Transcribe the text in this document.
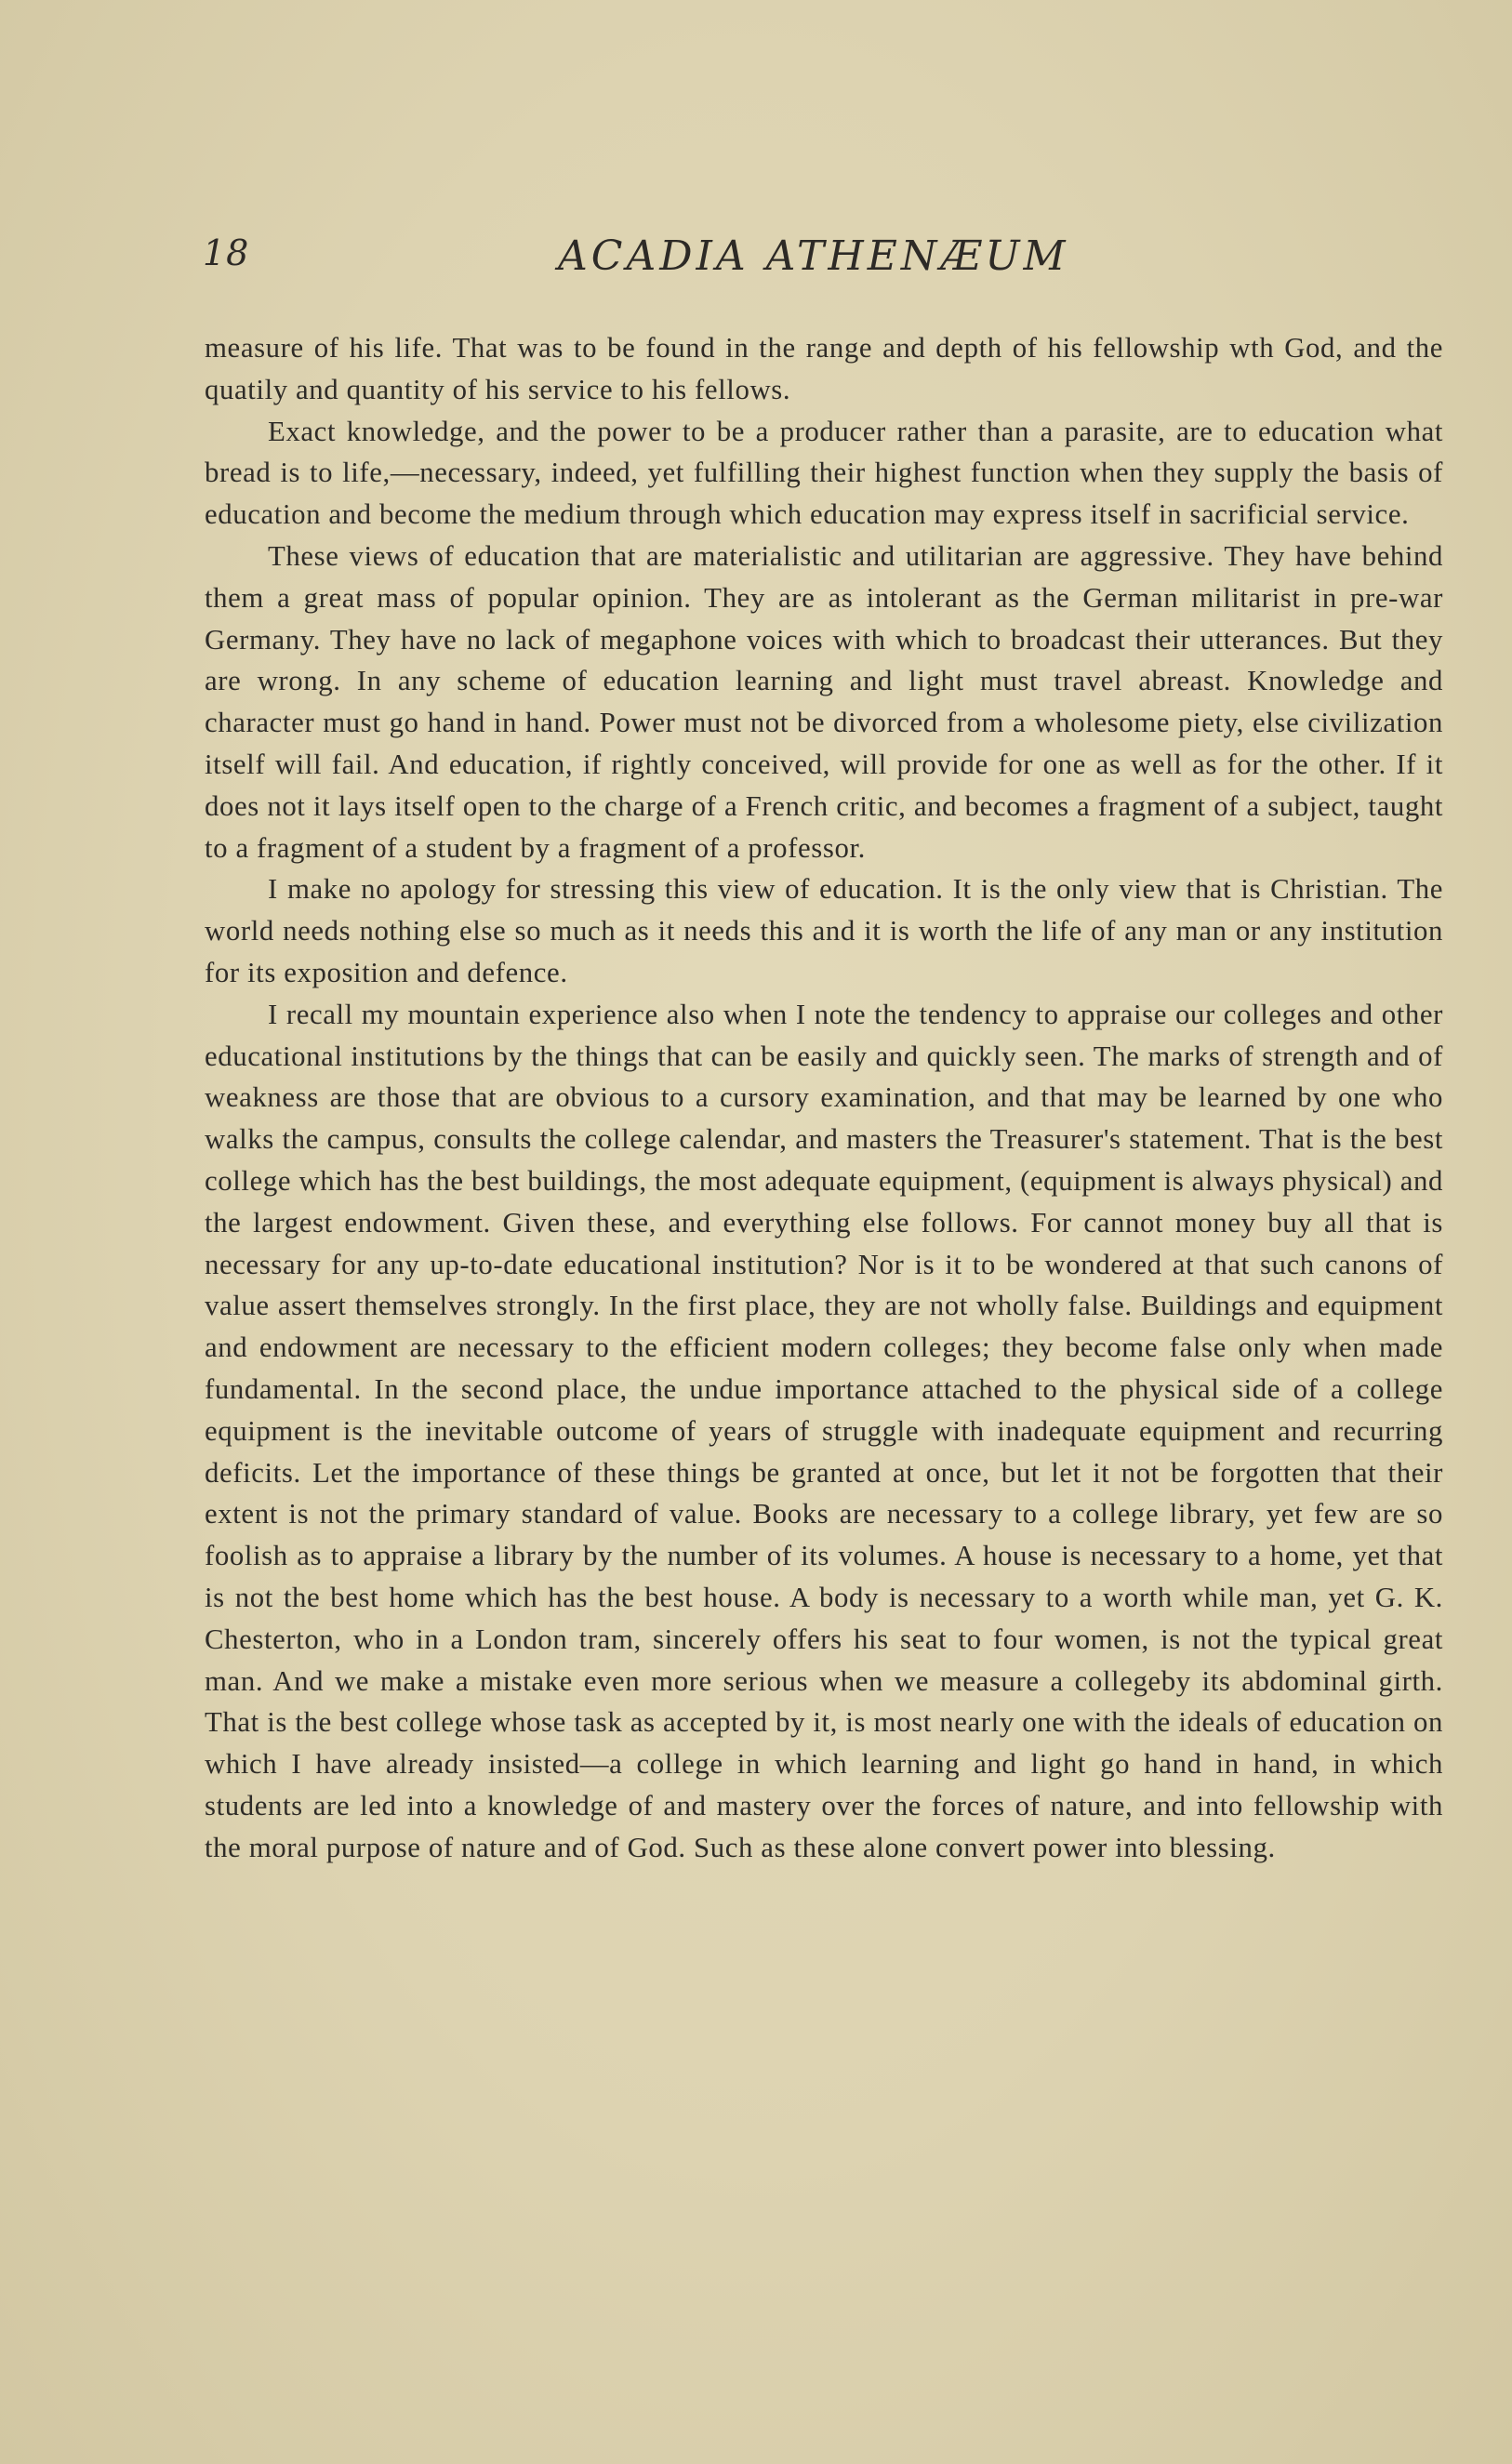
18	ACADIA ATHENÆUM

measure of his life. That was to be found in the range and depth of his fellowship wth God, and the quatily and quantity of his service to his fellows.

Exact knowledge, and the power to be a producer rather than a parasite, are to education what bread is to life,—necessary, indeed, yet fulfilling their highest function when they supply the basis of education and become the medium through which education may express itself in sacrificial service.

These views of education that are materialistic and utilitarian are aggressive. They have behind them a great mass of popular opinion. They are as intolerant as the German militarist in pre-war Germany. They have no lack of megaphone voices with which to broadcast their utterances. But they are wrong. In any scheme of education learning and light must travel abreast. Knowledge and character must go hand in hand. Power must not be divorced from a wholesome piety, else civilization itself will fail. And education, if rightly conceived, will provide for one as well as for the other. If it does not it lays itself open to the charge of a French critic, and becomes a fragment of a subject, taught to a fragment of a student by a fragment of a professor.

I make no apology for stressing this view of education. It is the only view that is Christian. The world needs nothing else so much as it needs this and it is worth the life of any man or any institution for its exposition and defence.

I recall my mountain experience also when I note the tendency to appraise our colleges and other educational institutions by the things that can be easily and quickly seen. The marks of strength and of weakness are those that are obvious to a cursory examination, and that may be learned by one who walks the campus, consults the college calendar, and masters the Treasurer's statement. That is the best college which has the best buildings, the most adequate equipment, (equipment is always physical) and the largest endowment. Given these, and everything else follows. For cannot money buy all that is necessary for any up-to-date educational institution? Nor is it to be wondered at that such canons of value assert themselves strongly. In the first place, they are not wholly false. Buildings and equipment and endowment are necessary to the efficient modern colleges; they become false only when made fundamental. In the second place, the undue importance attached to the physical side of a college equipment is the inevitable outcome of years of struggle with inadequate equipment and recurring deficits. Let the importance of these things be granted at once, but let it not be forgotten that their extent is not the primary standard of value. Books are necessary to a college library, yet few are so foolish as to appraise a library by the number of its volumes. A house is necessary to a home, yet that is not the best home which has the best house. A body is necessary to a worth while man, yet G. K. Chesterton, who in a London tram, sincerely offers his seat to four women, is not the typical great man. And we make a mistake even more serious when we measure a collegeby its abdominal girth. That is the best college whose task as accepted by it, is most nearly one with the ideals of education on which I have already insisted—a college in which learning and light go hand in hand, in which students are led into a knowledge of and mastery over the forces of nature, and into fellowship with the moral purpose of nature and of God. Such as these alone convert power into blessing.
